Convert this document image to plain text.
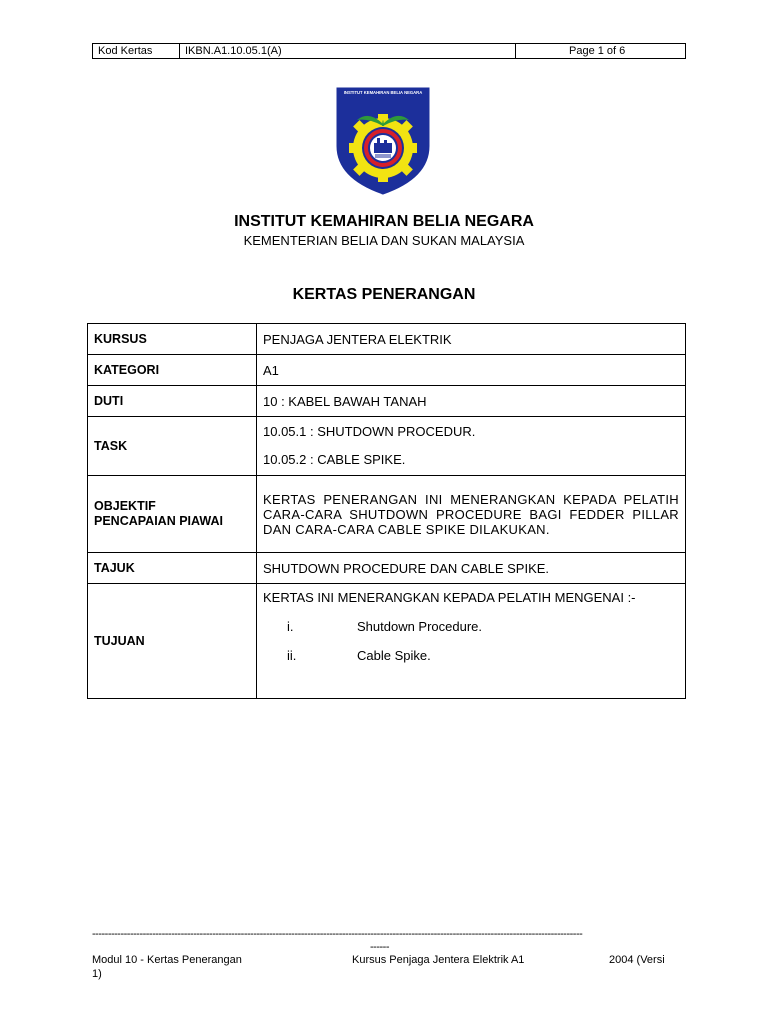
Kod Kertas	IKBN.A1.10.05.1(A)	Page 1 of 6
INSTITUT KEMAHIRAN BELIA NEGARA
INSTITUT KEMAHIRAN BELIA NEGARA
KEMENTERIAN BELIA DAN SUKAN MALAYSIA
KERTAS PENERANGAN
KURSUS	PENJAGA JENTERA ELEKTRIK
KATEGORI	A1
DUTI	10 : KABEL BAWAH TANAH
TASK	10.05.1 : SHUTDOWN PROCEDUR.
10.05.2 : CABLE SPIKE.

OBJEKTIF
PENCAPAIAN PIAWAI	KERTAS PENERANGAN INI MENERANGKAN KEPADA PELATIH CARA-CARA SHUTDOWN PROCEDURE BAGI FEDDER PILLAR DAN CARA-CARA CABLE SPIKE DILAKUKAN.
TAJUK	SHUTDOWN PROCEDURE DAN CABLE SPIKE.
TUJUAN	KERTAS INI MENERANGKAN KEPADA PELATIH MENGENAI :-
i. Shutdown Procedure.
ii. Cable Spike.
-----------------------------------------------------------------------------------------------------------------------------------------------------------
------
Modul 10 - Kertas Penerangan	Kursus Penjaga Jentera Elektrik A1	2004 (Versi
1)
